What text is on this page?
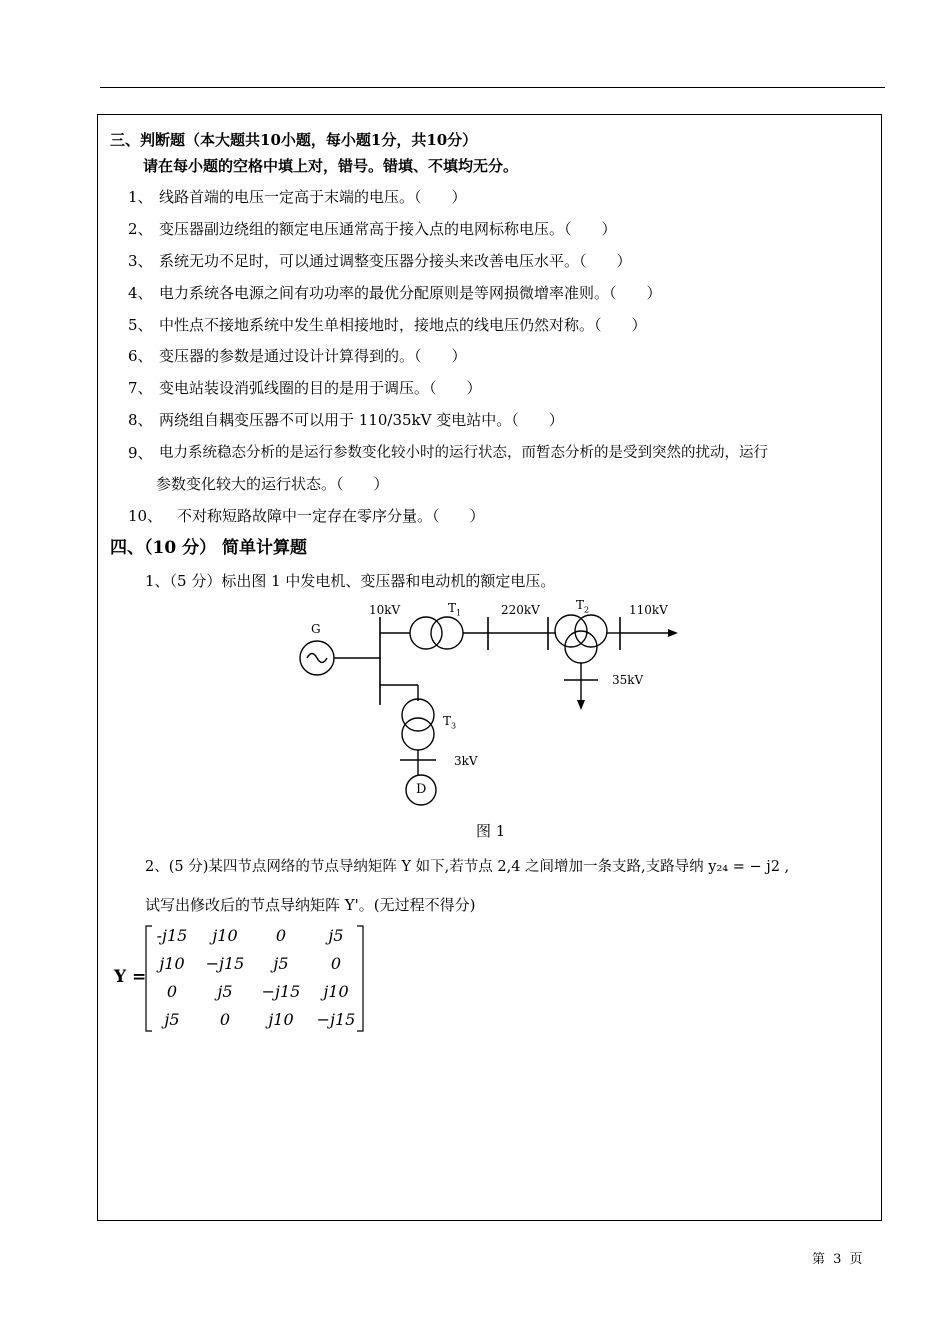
三、判断题（本大题共10小题，每小题1分，共10分）
请在每小题的空格中填上对，错号。错填、不填均无分。
1、 线路首端的电压一定高于末端的电压。（　　）
2、 变压器副边绕组的额定电压通常高于接入点的电网标称电压。（　　）
3、 系统无功不足时，可以通过调整变压器分接头来改善电压水平。（　　）
4、 电力系统各电源之间有功功率的最优分配原则是等网损微增率准则。（　　）
5、 中性点不接地系统中发生单相接地时，接地点的线电压仍然对称。（　　）
6、 变压器的参数是通过设计计算得到的。（　　）
7、 变电站装设消弧线圈的目的是用于调压。（　　）
8、 两绕组自耦变压器不可以用于 110/35kV 变电站中。（　　）
9、 电力系统稳态分析的是运行参数变化较小时的运行状态，而暂态分析的是受到突然的扰动，运行
参数变化较大的运行状态。（　　）
10、 不对称短路故障中一定存在零序分量。（　　）
四、（10 分） 简单计算题
1、（5 分）标出图 1 中发电机、变压器和电动机的额定电压。
G
10kV	$T_1$	220kV	$T_2$	110kV
35kV
$T_3$
3kV
D
图 1
2、(5 分)某四节点网络的节点导纳矩阵 Y 如下,若节点 2,4 之间增加一条支路,支路导纳 y₂₄ = − j2 ,
试写出修改后的节点导纳矩阵 Y'。(无过程不得分)
Y =
-j15	j10	0	j5
j10	−j15	j5	0
0	j5	−j15	j10
j5	0	j10	−j15
第 3 页
